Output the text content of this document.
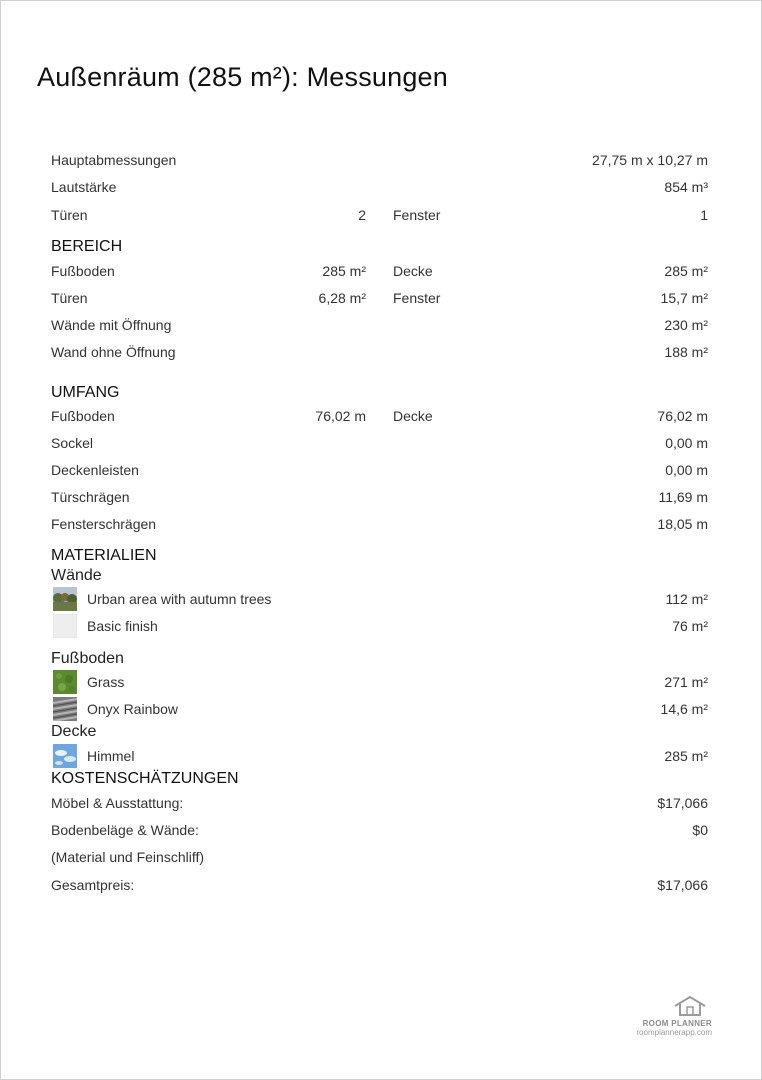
Außenräum (285 m²): Messungen
Hauptabmessungen	27,75 m x 10,27 m
Lautstärke	854 m³
Türen	2 Fenster	1
BEREICH
Fußboden	285 m² Decke	285 m²
Türen	6,28 m² Fenster	15,7 m²
Wände mit Öffnung	230 m²
Wand ohne Öffnung	188 m²
UMFANG
Fußboden	76,02 m Decke	76,02 m
Sockel	0,00 m
Deckenleisten	0,00 m
Türschrägen	11,69 m
Fensterschrägen	18,05 m
MATERIALIEN
Wände
Urban area with autumn trees	112 m²
Basic finish	76 m²
Fußboden
Grass	271 m²
Onyx Rainbow	14,6 m²
Decke
Himmel	285 m²
KOSTENSCHÄTZUNGEN
Möbel & Ausstattung:	$17,066
Bodenbeläge & Wände:	$0
(Material und Feinschliff)
Gesamtpreis:	$17,066
ROOM PLANNER
roomplannerapp.com
